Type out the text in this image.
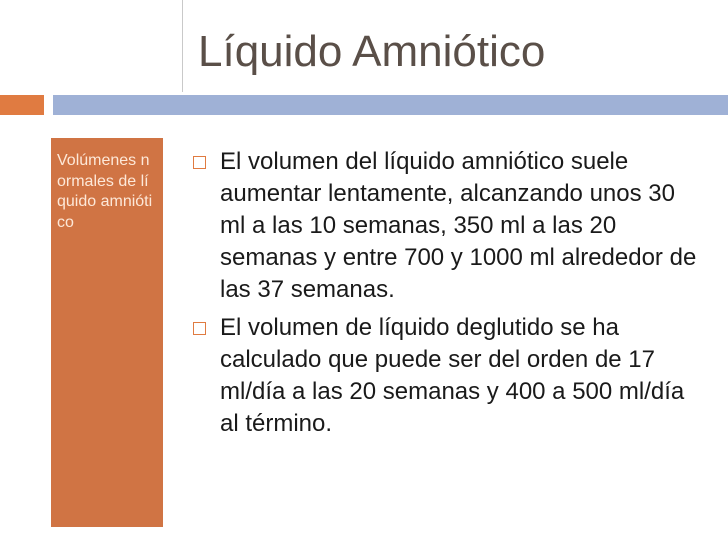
Líquido Amniótico
Volúmenes normales de líquido amniótico
El volumen del líquido amniótico suele aumentar lentamente, alcanzando unos 30 ml a las 10 semanas, 350 ml a las 20 semanas y entre 700 y 1000 ml alrededor de las 37 semanas.
El volumen de líquido deglutido se ha calculado que puede ser del orden de 17 ml/día a las 20 semanas y 400 a 500 ml/día al término.
